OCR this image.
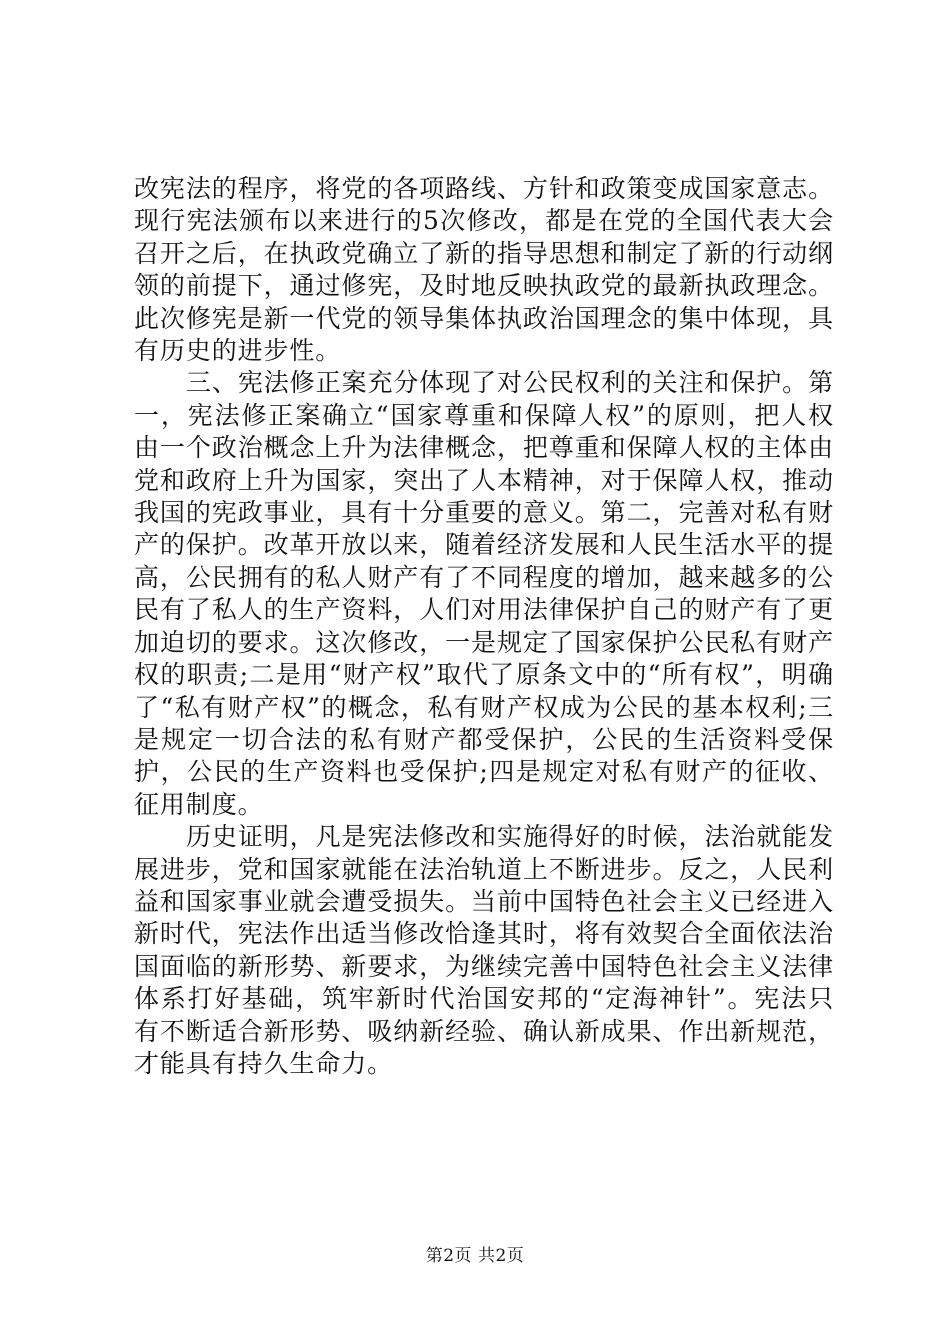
改宪法的程序，将党的各项路线、方针和政策变成国家意志。现行宪法颁布以来进行的5次修改，都是在党的全国代表大会召开之后，在执政党确立了新的指导思想和制定了新的行动纲领的前提下，通过修宪，及时地反映执政党的最新执政理念。此次修宪是新一代党的领导集体执政治国理念的集中体现，具有历史的进步性。

三、宪法修正案充分体现了对公民权利的关注和保护。第一，宪法修正案确立“国家尊重和保障人权”的原则，把人权由一个政治概念上升为法律概念，把尊重和保障人权的主体由党和政府上升为国家，突出了人本精神，对于保障人权，推动我国的宪政事业，具有十分重要的意义。第二，完善对私有财产的保护。改革开放以来，随着经济发展和人民生活水平的提高，公民拥有的私人财产有了不同程度的增加，越来越多的公民有了私人的生产资料，人们对用法律保护自己的财产有了更加迫切的要求。这次修改，一是规定了国家保护公民私有财产权的职责;二是用“财产权”取代了原条文中的“所有权”，明确了“私有财产权”的概念，私有财产权成为公民的基本权利;三是规定一切合法的私有财产都受保护，公民的生活资料受保护，公民的生产资料也受保护;四是规定对私有财产的征收、征用制度。

历史证明，凡是宪法修改和实施得好的时候，法治就能发展进步，党和国家就能在法治轨道上不断进步。反之，人民利益和国家事业就会遭受损失。当前中国特色社会主义已经进入新时代，宪法作出适当修改恰逢其时，将有效契合全面依法治国面临的新形势、新要求，为继续完善中国特色社会主义法律体系打好基础，筑牢新时代治国安邦的“定海神针”。宪法只有不断适合新形势、吸纳新经验、确认新成果、作出新规范，才能具有持久生命力。

第2页 共2页
